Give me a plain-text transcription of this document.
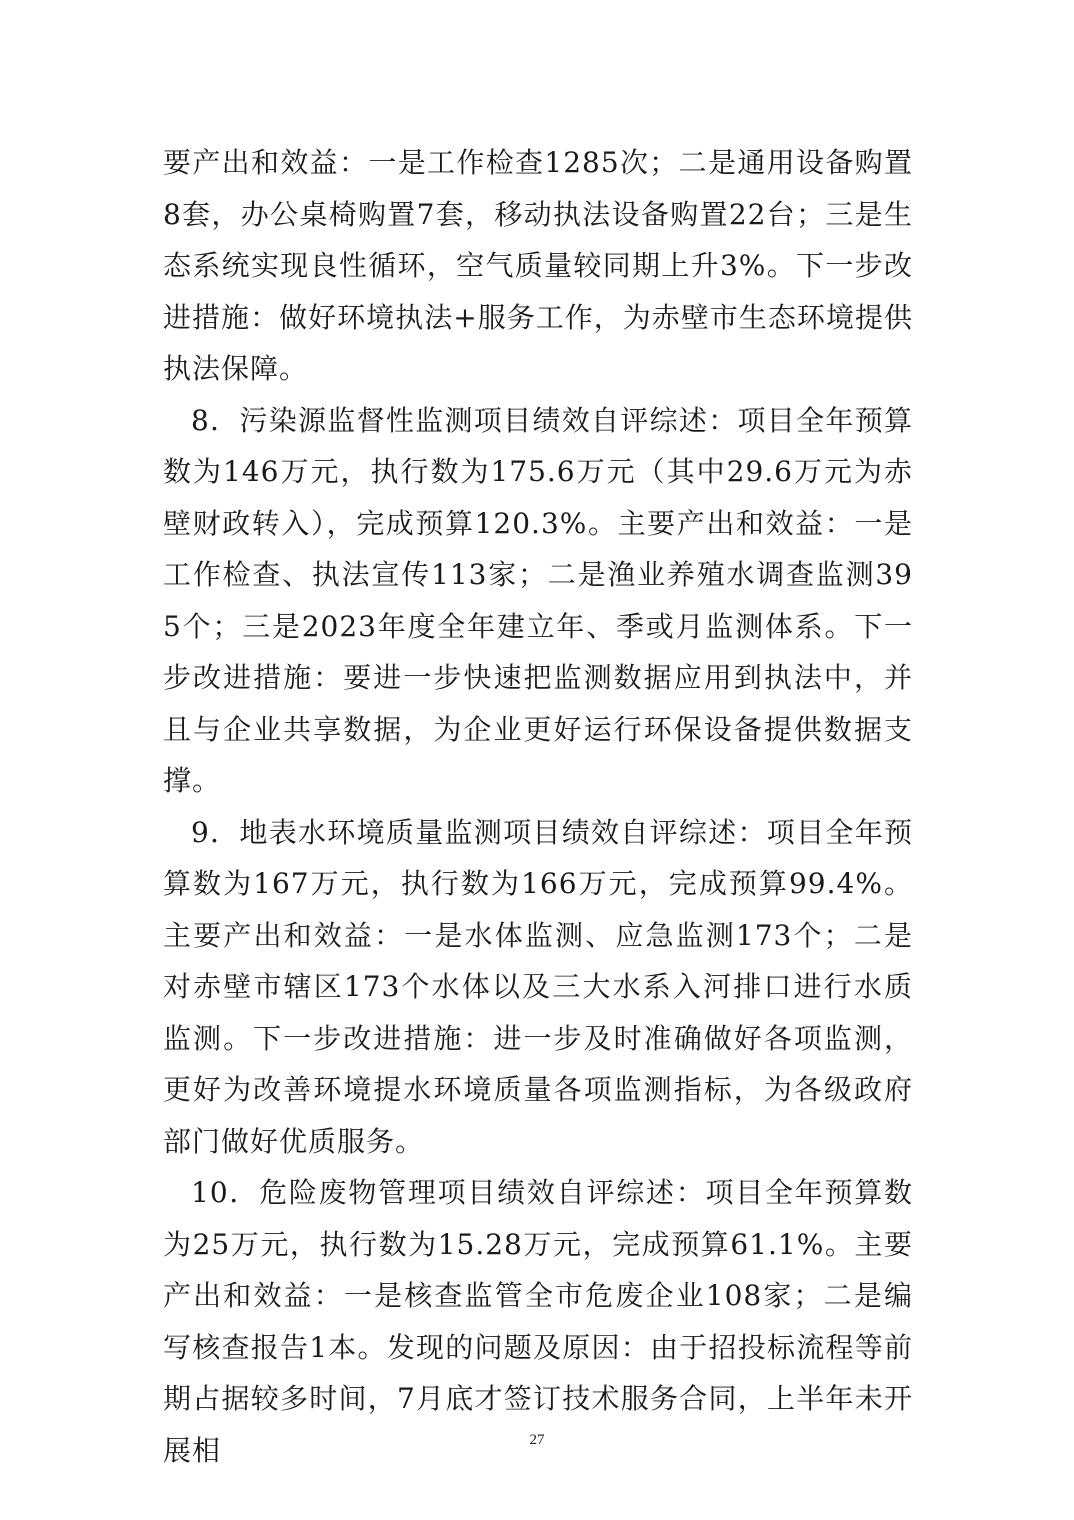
要产出和效益：一是工作检查1285次；二是通用设备购置8套，办公桌椅购置7套，移动执法设备购置22台；三是生态系统实现良性循环，空气质量较同期上升3%。下一步改进措施：做好环境执法+服务工作，为赤壁市生态环境提供执法保障。

8．污染源监督性监测项目绩效自评综述：项目全年预算数为146万元，执行数为175.6万元（其中29.6万元为赤壁财政转入），完成预算120.3%。主要产出和效益：一是工作检查、执法宣传113家；二是渔业养殖水调查监测395个；三是2023年度全年建立年、季或月监测体系。下一步改进措施：要进一步快速把监测数据应用到执法中，并且与企业共享数据，为企业更好运行环保设备提供数据支撑。

9．地表水环境质量监测项目绩效自评综述：项目全年预算数为167万元，执行数为166万元，完成预算99.4%。主要产出和效益：一是水体监测、应急监测173个；二是对赤壁市辖区173个水体以及三大水系入河排口进行水质监测。下一步改进措施：进一步及时准确做好各项监测，更好为改善环境提水环境质量各项监测指标，为各级政府部门做好优质服务。

10．危险废物管理项目绩效自评综述：项目全年预算数为25万元，执行数为15.28万元，完成预算61.1%。主要产出和效益：一是核查监管全市危废企业108家；二是编写核查报告1本。发现的问题及原因：由于招投标流程等前期占据较多时间，7月底才签订技术服务合同，上半年未开展相	27
